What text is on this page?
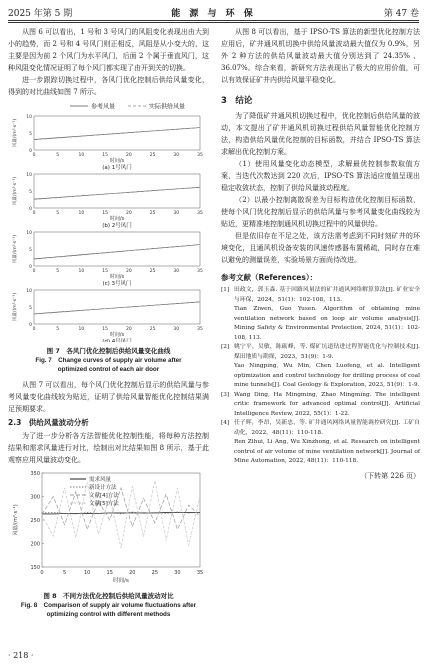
2025 年第 5 期	能 源 与 环 保	第 47 卷

从图 6 可以看出，1 号和 3 号风门的风阻变化表现出由大到小的趋势，而 2 号和 4 号风门则正相反，风阻是从小变大的，这主要是因为前 2 个风门为水平风门，后面 2 个属于垂直风门，这种风阻变化情况证明了每个风门都实现了由开到关的切换。

进一步跟踪切换过程中，各风门优化控制后供给风量变化，得到的对比曲线如图 7 所示。

参考风量	实际供给风量
0
5
10
0	5	10	15	20	25	30	35
风量/(m³·s⁻¹)
时间/s
(a) 1号风门
0
5
10
0	5	10	15	20	25	30	35
风量/(m³·s⁻¹)
时间/s
(b) 2号风门
0
5
10
0	5	10	15	20	25	30	35
风量/(m³·s⁻¹)
时间/s
(c) 3号风门
0
5
10
0	5	10	15	20	25	30	35
风量/(m³·s⁻¹)
时间/s
(d) 4号风门
图 7　各风门优化控制后供给风量变化曲线
Fig. 7　Change curves of supply air volume after
optimized control of each air door

从图 7 可以看出，每个风门优化控制后显示的供给风量与参考风量变化曲线较为贴近，证明了供给风量智能优化控制结果满足预期要求。

2.3　供给风量波动分析

为了进一步分析各方法智能优化控制性能，将每种方法控制结果和需求风量进行对比，绘制出对比结果如图 8 所示，基于此观察应用风量波动变化。

150
200
250
300
350
0	5	10	15	20	25	30	35
风量/(m³·s⁻¹)
时间/s
需求风量
新设计方法
文献[4]方法
文献[5]方法
图 8　不同方法优化控制后供给风量波动对比
Fig. 8　Comparison of supply air volume fluctuations after
optimizing control with different methods

从图 8 可以看出，基于 IPSO-TS 算法的新型优化控制方法应用后，矿井通风机切换中供给风量波动最大值仅为 0.9%，另外 2 种方法的供给风量波动最大值分别达到了 24.35% 、36.07%。综合来看，新研究方法表现出了极大的应用价值，可以有效保证矿井内供给风量平稳变化。

3　结论

为了降低矿井通风机切换过程中，优化控制后供给风量的波动，本文提出了矿井通风机切换过程供给风量智能优化控制方法，构造供给风量优化控制的目标函数，并结合 IPSO-TS 算法求解出优化控制方案。

（1）使用风量变化动态模型，求解最优控制参数取值方案，当迭代次数达到 220 次后，IPSO-TS 算法适应度值呈现出稳定收敛状态，控制了供给风量波动程度。

（2）以最小控制离散误差为目标构造优化控制目标函数，使每个风门优化控制后显示的供给风量与参考风量变化曲线较为贴近，更精准地控制通风机切换过程中的风量供给。

但是依旧存在不足之处，该方法需考虑到不同时刻矿井的环境变化，且通风机设备安装的风速传感器布置稀疏，同时存在难以避免的测量误差，实验场景方面尚待改进。

参考文献（References）：
[1] 田政文，郭玉森. 基于回路风量法的矿井通风网络解算算法[J]. 矿业安全与环保，2024，51(1)：102-108，113.
Tian Ziwen, Guo Yusen. Algorithm of obtaining mine ventilation network based on loop air volume analysis[J]. Mining Safety & Environmental Protection, 2024, 51(1)：102-108, 113.
[2] 姚宁平，吴敏，陈砺峰，等. 煤矿坑道钻进过程智能优化与控制技术[J]. 煤田地质与勘探，2023，51(9)：1-9.
Yao Ningping, Wu Min, Chen Luofeng, et al. Intelligent optimization and control technology for drilling process of coal mine tunnels[J]. Coal Geology & Exploration, 2023, 51(9)：1-9.
[3] Wang Ding, Ha Mingming, Zhao Mingming. The intelligent critic framework for advanced optimal control[J]. Artificial Intelligence Review, 2022, 55(1)：1-22.
[4] 任子晖，李昂，吴新忠，等. 矿井通风网络风量智能调控研究[J]. 工矿自动化，2022，48(11)：110-118.
Ren Zihui, Li Ang, Wu Xinzhong, et al. Research on intelligent control of air volume of mine ventilation network[J]. Journal of Mine Automation, 2022, 48(11)：110-118.
（下转第 226 页）
· 218 ·
